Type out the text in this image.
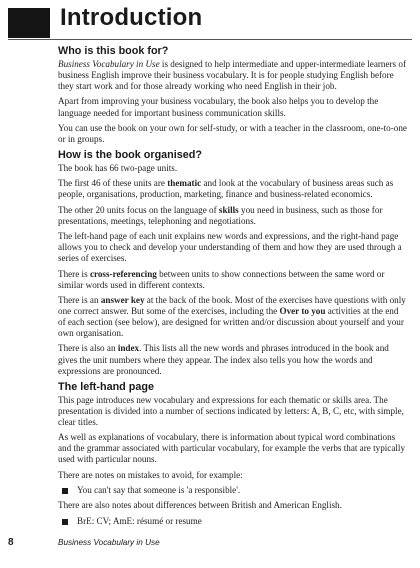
Introduction
Who is this book for?
Business Vocabulary in Use is designed to help intermediate and upper-intermediate learners of business English improve their business vocabulary. It is for people studying English before they start work and for those already working who need English in their job.
Apart from improving your business vocabulary, the book also helps you to develop the language needed for important business communication skills.
You can use the book on your own for self-study, or with a teacher in the classroom, one-to-one or in groups.
How is the book organised?
The book has 66 two-page units.
The first 46 of these units are thematic and look at the vocabulary of business areas such as people, organisations, production, marketing, finance and business-related economics.
The other 20 units focus on the language of skills you need in business, such as those for presentations, meetings, telephoning and negotiations.
The left-hand page of each unit explains new words and expressions, and the right-hand page allows you to check and develop your understanding of them and how they are used through a series of exercises.
There is cross-referencing between units to show connections between the same word or similar words used in different contexts.
There is an answer key at the back of the book. Most of the exercises have questions with only one correct answer. But some of the exercises, including the Over to you activities at the end of each section (see below), are designed for written and/or discussion about yourself and your own organisation.
There is also an index. This lists all the new words and phrases introduced in the book and gives the unit numbers where they appear. The index also tells you how the words and expressions are pronounced.
The left-hand page
This page introduces new vocabulary and expressions for each thematic or skills area. The presentation is divided into a number of sections indicated by letters: A, B, C, etc, with simple, clear titles.
As well as explanations of vocabulary, there is information about typical word combinations and the grammar associated with particular vocabulary, for example the verbs that are typically used with particular nouns.
There are notes on mistakes to avoid, for example:
You can't say that someone is 'a responsible'.
There are also notes about differences between British and American English.
BrE: CV; AmE: résumé or resume
8	Business Vocabulary in Use
